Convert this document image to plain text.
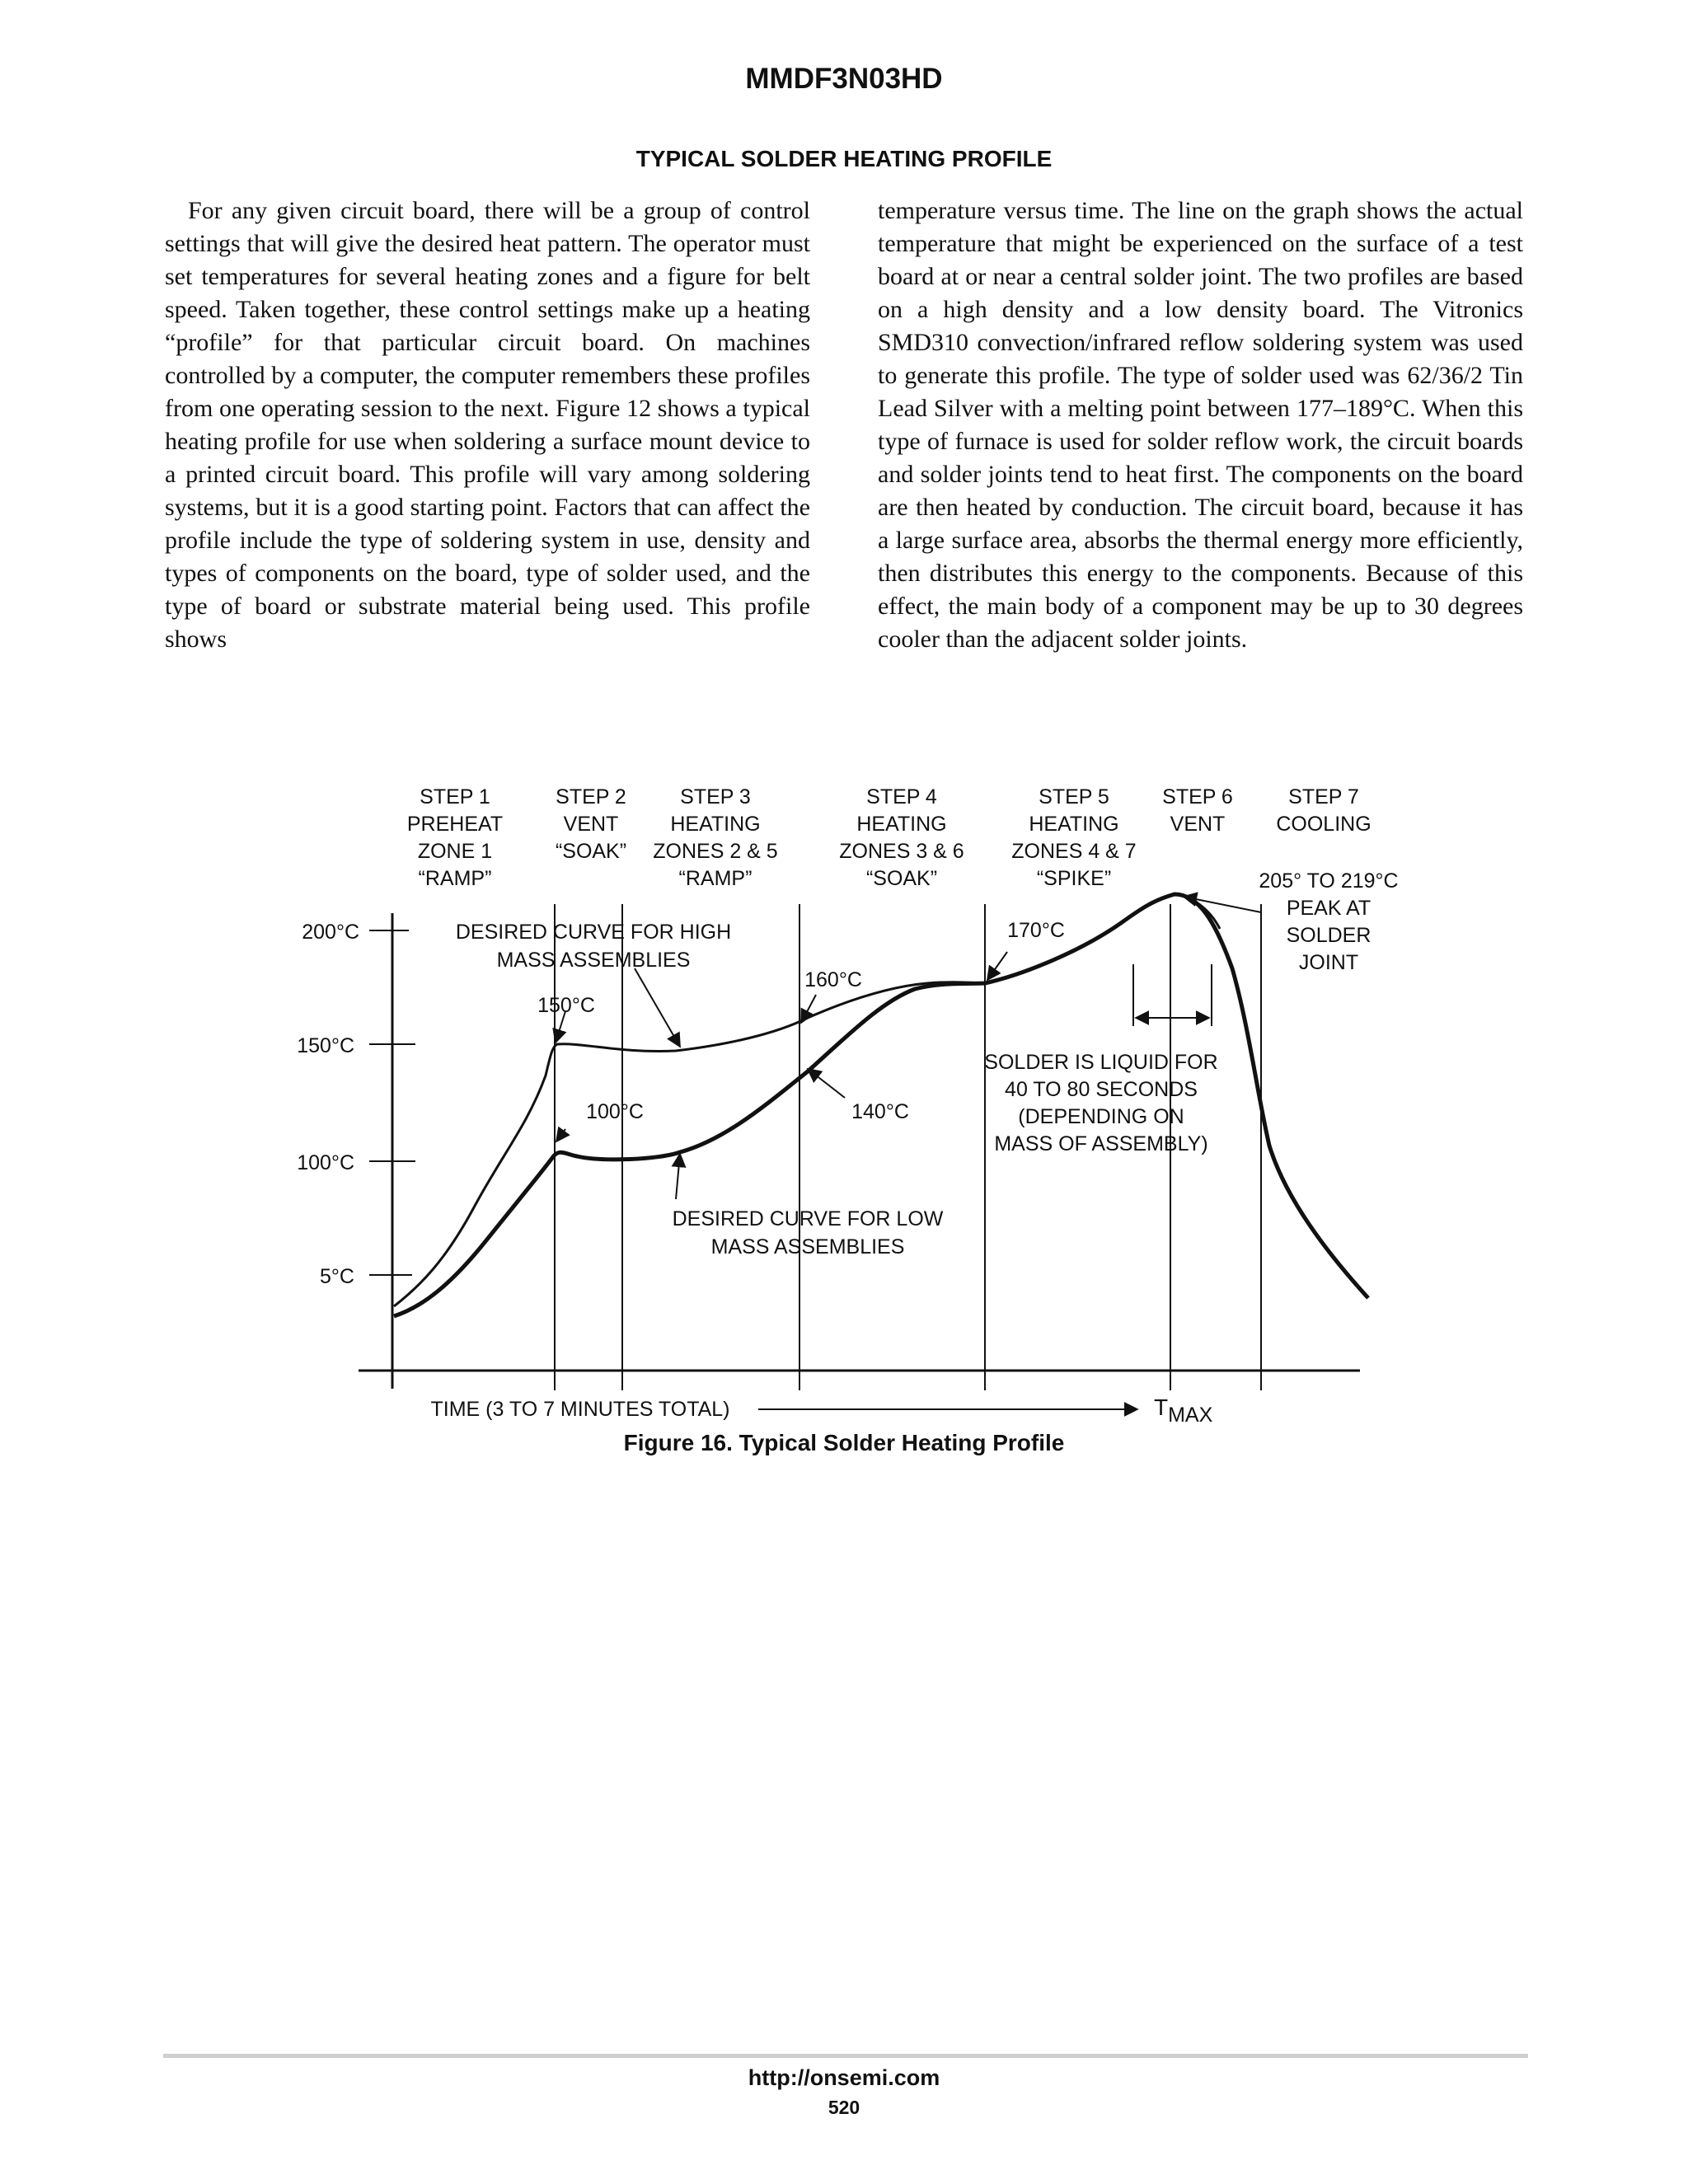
MMDF3N03HD
TYPICAL SOLDER HEATING PROFILE

For any given circuit board, there will be a group of control settings that will give the desired heat pattern. The operator must set temperatures for several heating zones and a figure for belt speed. Taken together, these control settings make up a heating “profile” for that particular circuit board. On machines controlled by a computer, the computer remembers these profiles from one operating session to the next. Figure 12 shows a typical heating profile for use when soldering a surface mount device to a printed circuit board. This profile will vary among soldering systems, but it is a good starting point. Factors that can affect the profile include the type of soldering system in use, density and types of components on the board, type of solder used, and the type of board or substrate material being used. This profile shows

temperature versus time. The line on the graph shows the actual temperature that might be experienced on the surface of a test board at or near a central solder joint. The two profiles are based on a high density and a low density board. The Vitronics SMD310 convection/infrared reflow soldering system was used to generate this profile. The type of solder used was 62/36/2 Tin Lead Silver with a melting point between 177–189°C. When this type of furnace is used for solder reflow work, the circuit boards and solder joints tend to heat first. The components on the board are then heated by conduction. The circuit board, because it has a large surface area, absorbs the thermal energy more efficiently, then distributes this energy to the components. Because of this effect, the main body of a component may be up to 30 degrees cooler than the adjacent solder joints.

STEP 1 PREHEAT ZONE 1 “RAMP”
STEP 2 VENT “SOAK”
STEP 3 HEATING ZONES 2 & 5 “RAMP”
STEP 4 HEATING ZONES 3 & 6 “SOAK”
STEP 5 HEATING ZONES 4 & 7 “SPIKE”
STEP 6 VENT
STEP 7 COOLING
200°C
150°C
100°C
5°C
DESIRED CURVE FOR HIGH MASS ASSEMBLIES
DESIRED CURVE FOR LOW MASS ASSEMBLIES
150°C
100°C
160°C
140°C
170°C
205° TO 219°C PEAK AT SOLDER JOINT
SOLDER IS LIQUID FOR 40 TO 80 SECONDS (DEPENDING ON MASS OF ASSEMBLY)
TIME (3 TO 7 MINUTES TOTAL)	TMAX
Figure 16. Typical Solder Heating Profile
http://onsemi.com
520
